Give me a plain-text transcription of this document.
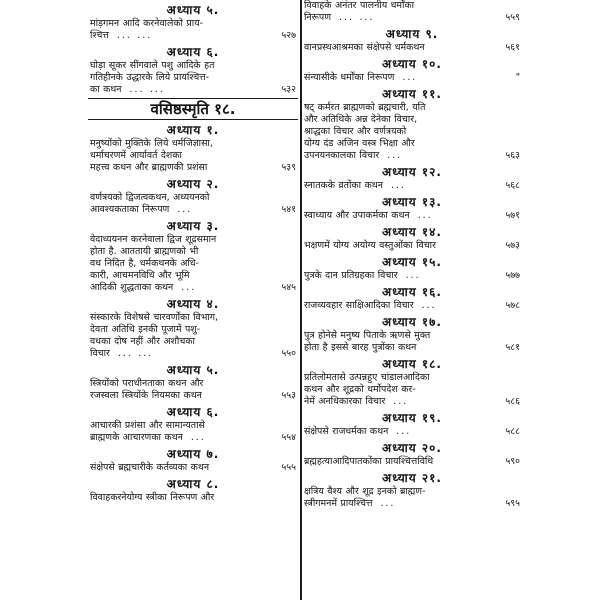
अध्याय ५.
मांड़गमन आदि करनेवालेको प्राय-
श्चित्त ... ...	५२७
अध्याय ६.
घोड़ा सूकर सींगवाले पशु आदिके हत
गतिहीनके उद्धारके लिये प्रायश्चित्त-
का कथन ... ...	५३२
वसिष्ठस्मृति १८.
अध्याय १.
मनुष्योंको मुक्तिके लिये धर्मजिज्ञासा,
धर्माचरणमें आर्यावर्त देशका
महत्त्व कथन और ब्राह्मणकी प्रशंसा	५३९
अध्याय २.
वर्णत्रयको द्विजत्वकथन, अध्ययनको
आवश्यकताका निरूपण ...	५४१
अध्याय ३.
वेदाध्ययनन करनेवाला द्विज शूद्रसमान
होता है. आततायी ब्राह्मणको भी
वध निदित है, धर्मकथनके अधि-
कारी, आचमनविधि और भूमि
आदिकी शुद्धताका कथन ...	५४५
अध्याय ४.
संस्कारके विशेषसे चारवर्णोंका विभाग,
देवता अतिथि इनकी पूजामें पशु-
वधका दोष नहीं और अशौचका
विचार ... ...	५५०
अध्याय ५.
स्त्रियोंको पराधीनताका कथन और
रजस्वला स्त्रियोंके नियमका कथन	५५३
अध्याय ६.
आचारकी प्रशंसा और सामान्यतासे
ब्राह्मणके आचारणका कथन ...	५५४
अध्याय ७.
संक्षेपसे ब्रह्मचारीके कर्तव्यका कथन	५५५
अध्याय ८.
विवाहकरनेयोग्य स्त्रीका निरूपण और
विवाहके अनंतर पालनीय धर्मोंका
निरूपण ... ...	५५९
अध्याय ९.
वानप्रस्थआश्रमका संक्षेपसे धर्मकथन	५६१
अध्याय १०.
संन्यासीके धर्मोंका निरूपण ...	"
अध्याय ११.
षट्‌ कर्मरत ब्राह्मणको ब्रह्मचारी, यति
और अतिथिके अन्न देनेका विचार,
श्राद्धका विचार और वर्णत्रयको
योग्य दंड अजिन वस्त्र भिक्षा और
उपनयनकालका विचार ...	५६३
अध्याय १२.
स्नातकके व्रतोंका कथन ...	५६८
अध्याय १३.
स्वाध्याय और उपाकर्मका कथन ...	५७१
अध्याय १४.
भक्षणमें योग्य अयोग्य वस्तुओंका विचार	५७३
अध्याय १५.
पुत्रके दान प्रतिग्रहका विचार ...	५७७
अध्याय १६.
राजव्यवहार साक्षिआदिका विचार ...	५७८
अध्याय १७.
पुत्र होनेसे मनुष्य पिताके ऋणसे मुक्त
होता है इससे बारह पुत्रोंका कथन	५८१
अध्याय १८.
प्रतिलोमतासे उत्पन्नहुए चांडालआदिका
कथन और शूद्रको धर्मोपदेश कर-
नेमें अनधिकारका विचार ...	५८६
अध्याय १९.
संक्षेपसे राजधर्मका कथन ...	५८८
अध्याय २०.
ब्रह्महत्याआदिपातकोंका प्रायश्चित्तविधि	५९०
अध्याय २१.
क्षत्रिय वैश्य और शूद्र इनको ब्राह्मण-
स्त्रीगमनमें प्रायश्चित्त ...	५९५
